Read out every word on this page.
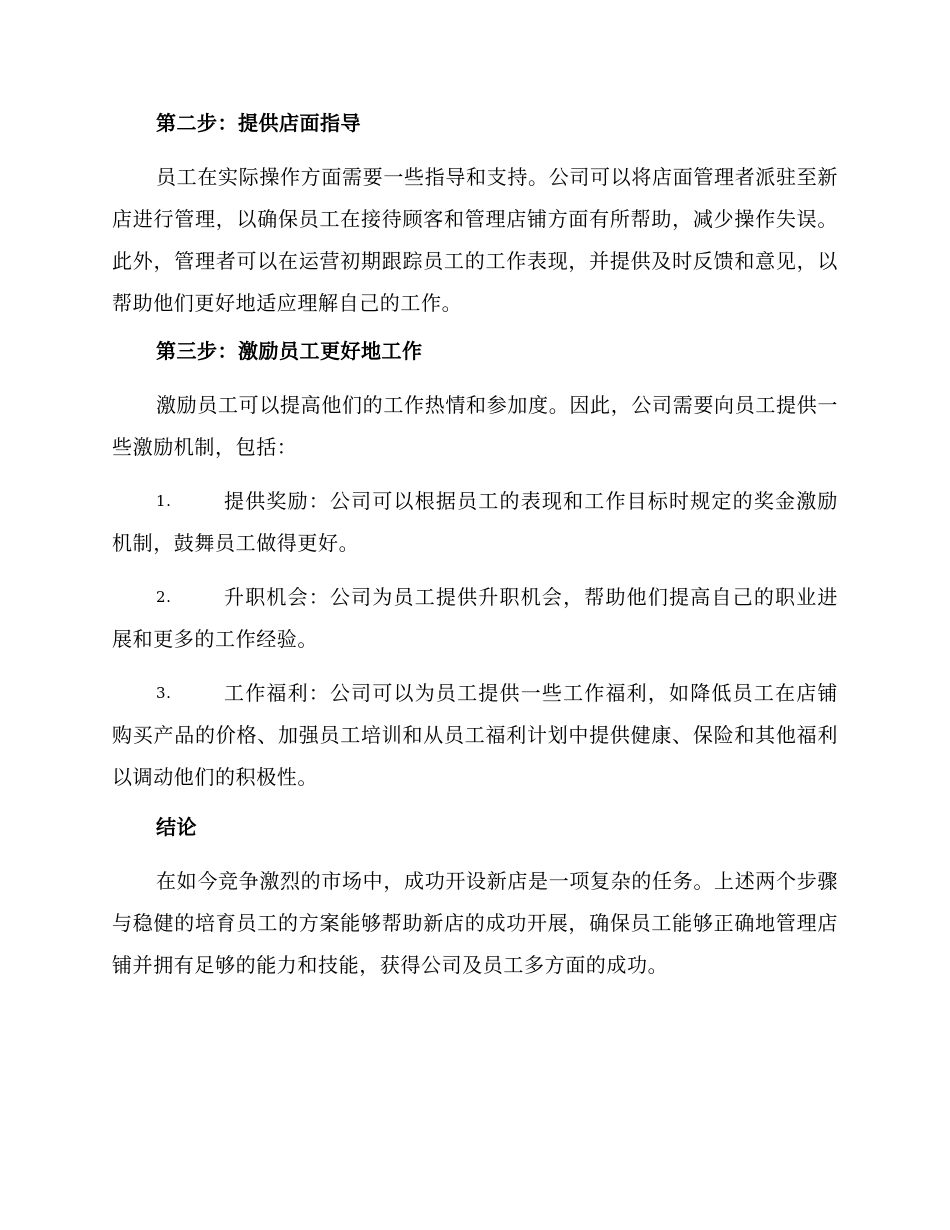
第二步：提供店面指导

员工在实际操作方面需要一些指导和支持。公司可以将店面管理者派驻至新店进行管理，以确保员工在接待顾客和管理店铺方面有所帮助，减少操作失误。此外，管理者可以在运营初期跟踪员工的工作表现，并提供及时反馈和意见，以帮助他们更好地适应理解自己的工作。

第三步：激励员工更好地工作

激励员工可以提高他们的工作热情和参加度。因此，公司需要向员工提供一些激励机制，包括：

1.	提供奖励：公司可以根据员工的表现和工作目标时规定的奖金激励机制，鼓舞员工做得更好。
2.	升职机会：公司为员工提供升职机会，帮助他们提高自己的职业进展和更多的工作经验。
3.	工作福利：公司可以为员工提供一些工作福利，如降低员工在店铺购买产品的价格、加强员工培训和从员工福利计划中提供健康、保险和其他福利以调动他们的积极性。
结论

在如今竞争激烈的市场中，成功开设新店是一项复杂的任务。上述两个步骤与稳健的培育员工的方案能够帮助新店的成功开展，确保员工能够正确地管理店铺并拥有足够的能力和技能，获得公司及员工多方面的成功。
